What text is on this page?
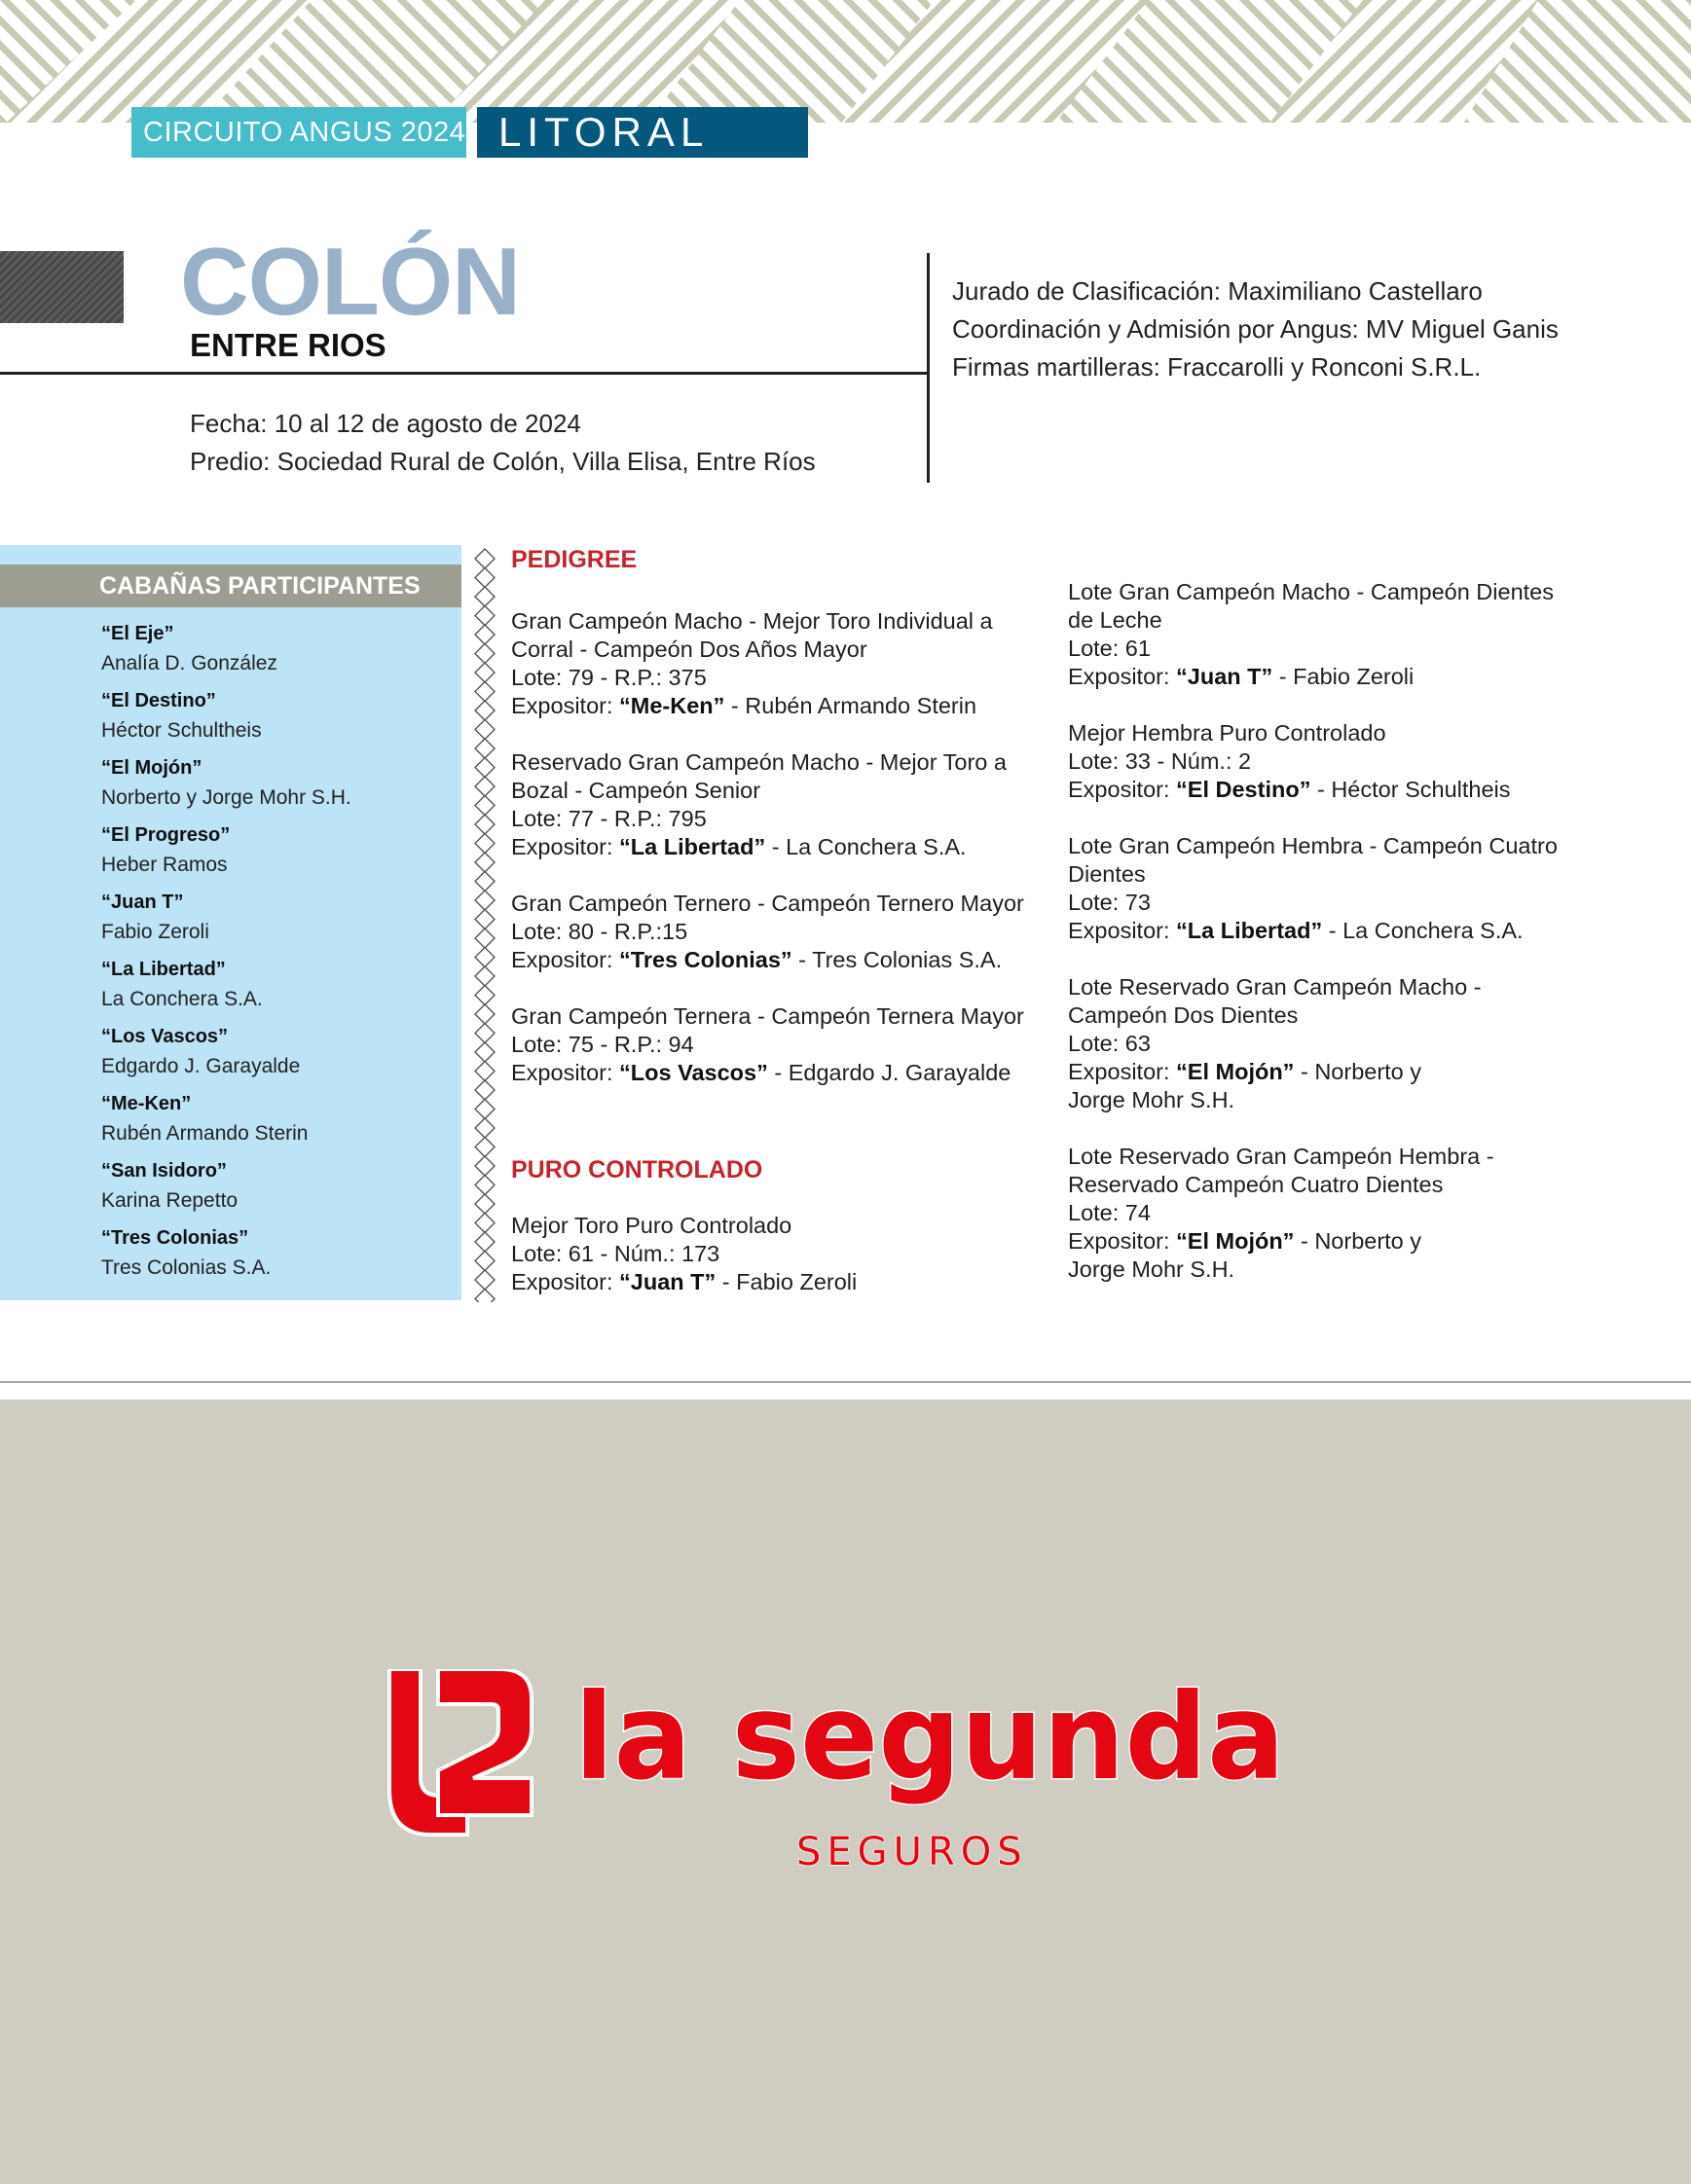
CIRCUITO ANGUS 2024 LITORAL
COLÓN
ENTRE RIOS
Jurado de Clasificación: Maximiliano Castellaro
Coordinación y Admisión por Angus: MV Miguel Ganis
Firmas martilleras: Fraccarolli y Ronconi S.R.L.
Fecha: 10 al 12 de agosto de 2024
Predio: Sociedad Rural de Colón, Villa Elisa, Entre Ríos
CABAÑAS PARTICIPANTES
“El Eje”
Analía D. González
“El Destino”
Héctor Schultheis
“El Mojón”
Norberto y Jorge Mohr S.H.
“El Progreso”
Heber Ramos
“Juan T”
Fabio Zeroli
“La Libertad”
La Conchera S.A.
“Los Vascos”
Edgardo J. Garayalde
“Me-Ken”
Rubén Armando Sterin
“San Isidoro”
Karina Repetto
“Tres Colonias”
Tres Colonias S.A.
PEDIGREE
Gran Campeón Macho - Mejor Toro Individual a
Corral - Campeón Dos Años Mayor
Lote: 79 - R.P.: 375
Expositor: “Me-Ken” - Rubén Armando Sterin
Reservado Gran Campeón Macho - Mejor Toro a
Bozal - Campeón Senior
Lote: 77 - R.P.: 795
Expositor: “La Libertad” - La Conchera S.A.
Gran Campeón Ternero - Campeón Ternero Mayor
Lote: 80 - R.P.:15
Expositor: “Tres Colonias” - Tres Colonias S.A.
Gran Campeón Ternera - Campeón Ternera Mayor
Lote: 75 - R.P.: 94
Expositor: “Los Vascos” - Edgardo J. Garayalde
PURO CONTROLADO
Mejor Toro Puro Controlado
Lote: 61 - Núm.: 173
Expositor: “Juan T” - Fabio Zeroli
Lote Gran Campeón Macho - Campeón Dientes
de Leche
Lote: 61
Expositor: “Juan T” - Fabio Zeroli
Mejor Hembra Puro Controlado
Lote: 33 - Núm.: 2
Expositor: “El Destino” - Héctor Schultheis
Lote Gran Campeón Hembra - Campeón Cuatro
Dientes
Lote: 73
Expositor: “La Libertad” - La Conchera S.A.
Lote Reservado Gran Campeón Macho -
Campeón Dos Dientes
Lote: 63
Expositor: “El Mojón” - Norberto y
Jorge Mohr S.H.
Lote Reservado Gran Campeón Hembra -
Reservado Campeón Cuatro Dientes
Lote: 74
Expositor: “El Mojón” - Norberto y
Jorge Mohr S.H.
la segunda
SEGUROS
